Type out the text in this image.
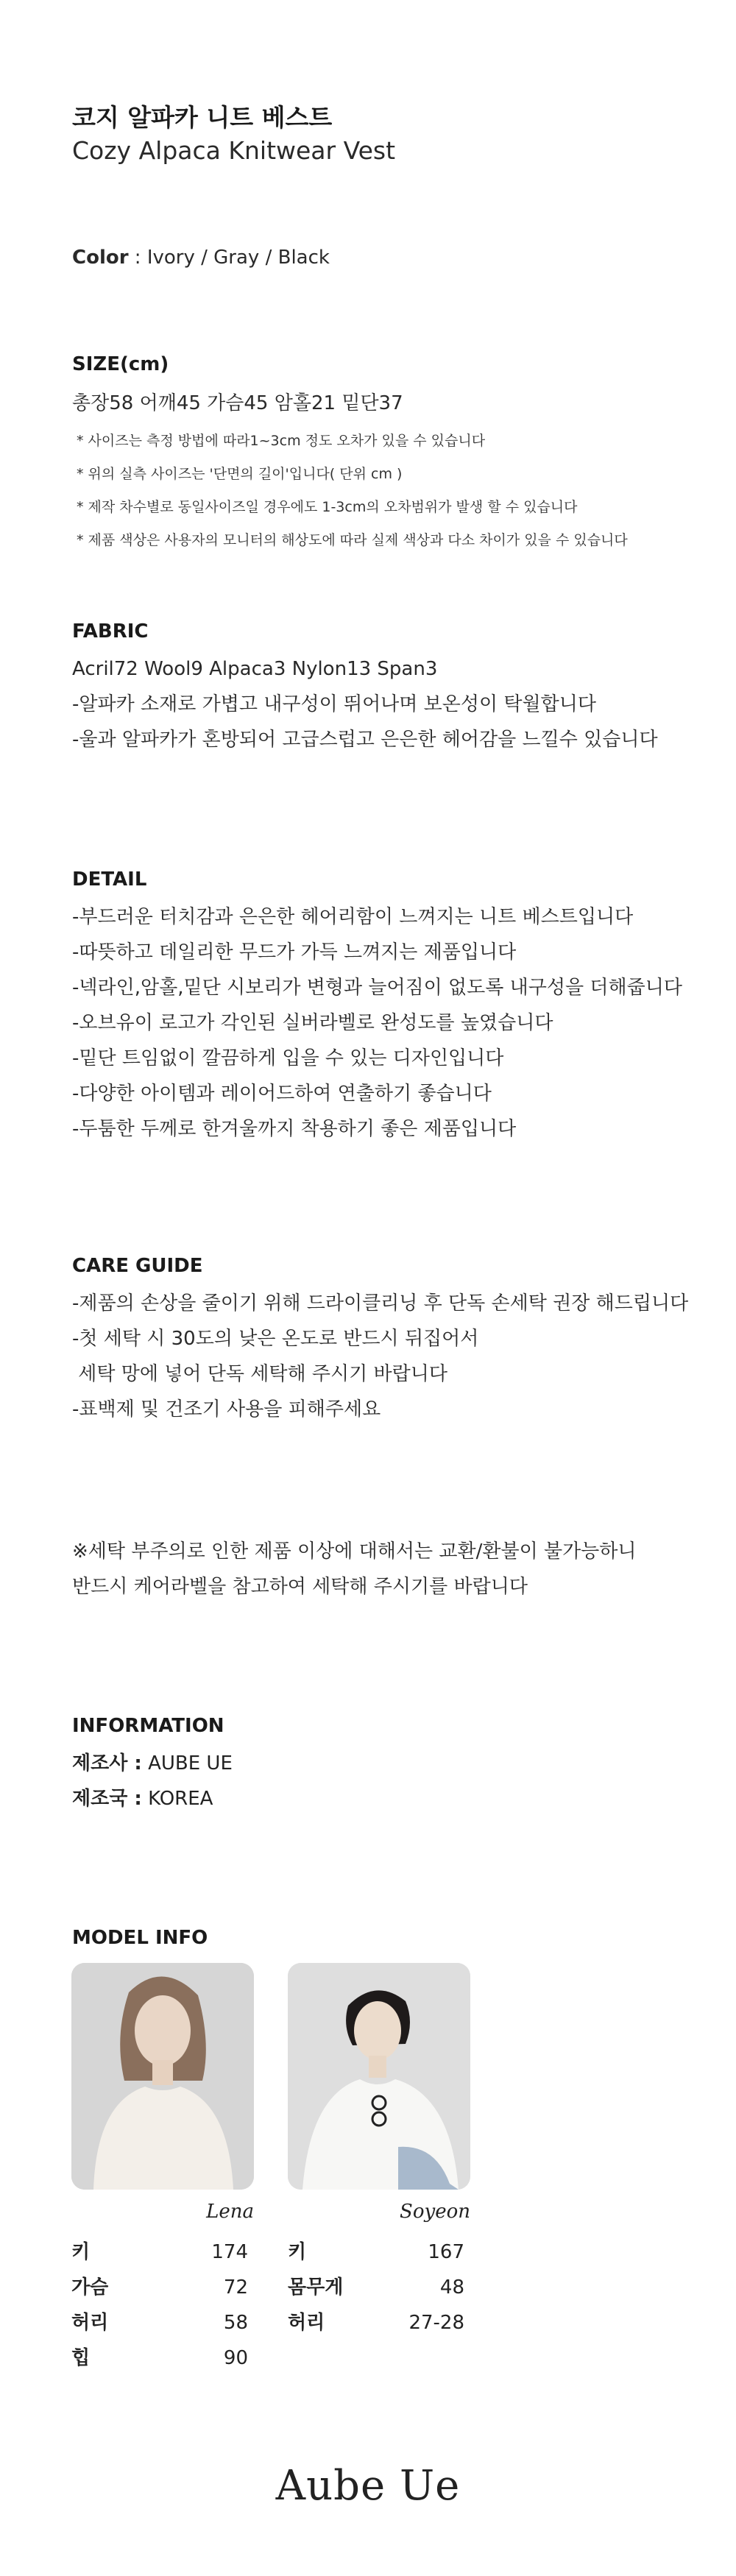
코지 알파카 니트 베스트
Cozy Alpaca Knitwear Vest
Color : Ivory / Gray / Black
SIZE(cm)
총장58 어깨45 가슴45 암홀21 밑단37
* 사이즈는 측정 방법에 따라1~3cm 정도 오차가 있을 수 있습니다
* 위의 실측 사이즈는 '단면의 길이'입니다( 단위 cm )
* 제작 차수별로 동일사이즈일 경우에도 1-3cm의 오차범위가 발생 할 수 있습니다
* 제품 색상은 사용자의 모니터의 해상도에 따라 실제 색상과 다소 차이가 있을 수 있습니다
FABRIC
Acril72 Wool9 Alpaca3 Nylon13 Span3
-알파카 소재로 가볍고 내구성이 뛰어나며 보온성이 탁월합니다
-울과 알파카가 혼방되어 고급스럽고 은은한 헤어감을 느낄수 있습니다
DETAIL
-부드러운 터치감과 은은한 헤어리함이 느껴지는 니트 베스트입니다
-따뜻하고 데일리한 무드가 가득 느껴지는 제품입니다
-넥라인,암홀,밑단 시보리가 변형과 늘어짐이 없도록 내구성을 더해줍니다
-오브유이 로고가 각인된 실버라벨로 완성도를 높였습니다
-밑단 트임없이 깔끔하게 입을 수 있는 디자인입니다
-다양한 아이템과 레이어드하여 연출하기 좋습니다
-두툼한 두께로 한겨울까지 착용하기 좋은 제품입니다
CARE GUIDE
-제품의 손상을 줄이기 위해 드라이클리닝 후 단독 손세탁 권장 해드립니다
-첫 세탁 시 30도의 낮은 온도로 반드시 뒤집어서
세탁 망에 넣어 단독 세탁해 주시기 바랍니다
-표백제 및 건조기 사용을 피해주세요
※세탁 부주의로 인한 제품 이상에 대해서는 교환/환불이 불가능하니
반드시 케어라벨을 참고하여 세탁해 주시기를 바랍니다
INFORMATION
제조사 : AUBE UE
제조국 : KOREA
MODEL INFO
Lena	Soyeon
키	174
가슴	72
허리	58
힙	90
키	167
몸무게	48
허리	27-28
Aube Ue
